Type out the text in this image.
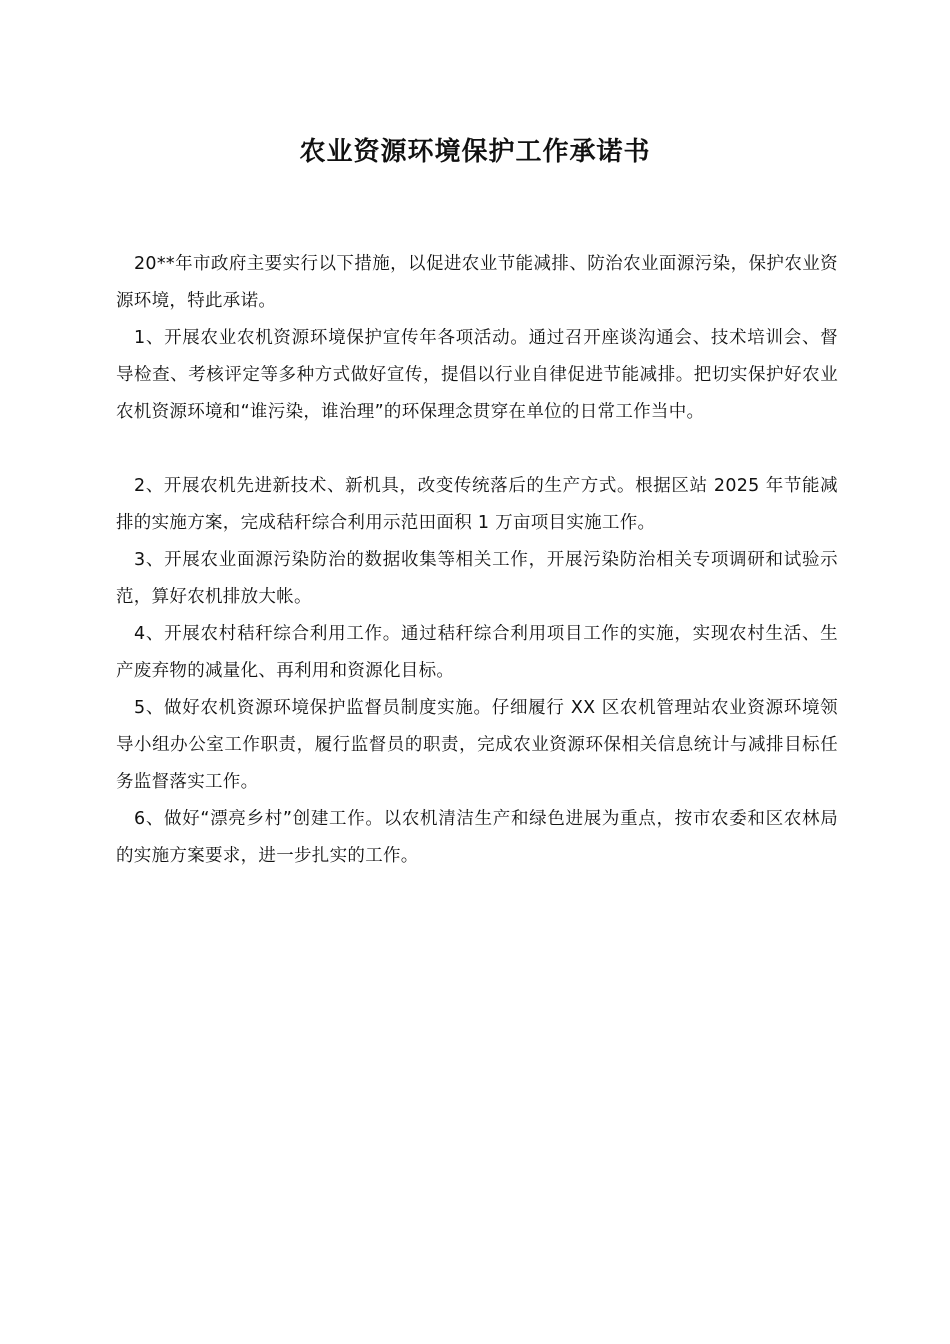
农业资源环境保护工作承诺书

20**年市政府主要实行以下措施，以促进农业节能减排、防治农业面源污染，保护农业资源环境，特此承诺。

1、开展农业农机资源环境保护宣传年各项活动。通过召开座谈沟通会、技术培训会、督导检查、考核评定等多种方式做好宣传，提倡以行业自律促进节能减排。把切实保护好农业农机资源环境和“谁污染，谁治理”的环保理念贯穿在单位的日常工作当中。

2、开展农机先进新技术、新机具，改变传统落后的生产方式。根据区站 2025 年节能减排的实施方案，完成秸秆综合利用示范田面积 1 万亩项目实施工作。

3、开展农业面源污染防治的数据收集等相关工作，开展污染防治相关专项调研和试验示范，算好农机排放大帐。

4、开展农村秸秆综合利用工作。通过秸秆综合利用项目工作的实施，实现农村生活、生产废弃物的减量化、再利用和资源化目标。

5、做好农机资源环境保护监督员制度实施。仔细履行 XX 区农机管理站农业资源环境领导小组办公室工作职责，履行监督员的职责，完成农业资源环保相关信息统计与减排目标任务监督落实工作。

6、做好“漂亮乡村”创建工作。以农机清洁生产和绿色进展为重点，按市农委和区农林局的实施方案要求，进一步扎实的工作。
